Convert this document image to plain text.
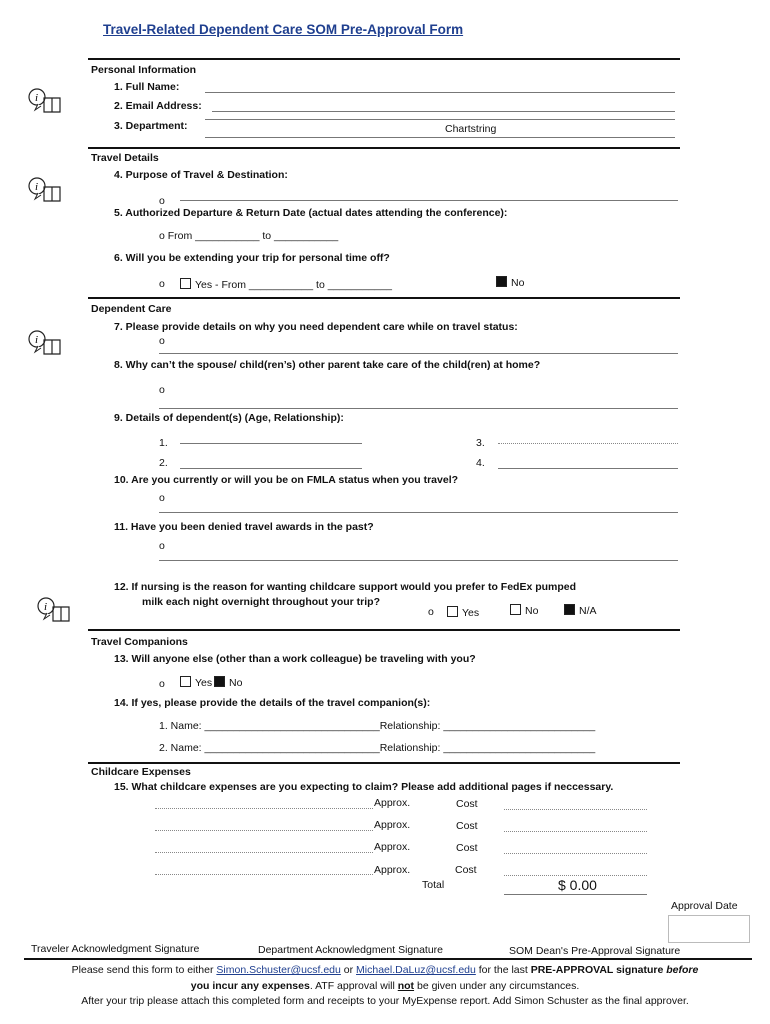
Travel-Related Dependent Care SOM Pre-Approval Form
i
i
i
i
Personal Information
1. Full Name:
2. Email Address:
3. Department:	Chartstring
Travel Details
4. Purpose of Travel & Destination:
o
5. Authorized Departure & Return Date (actual dates attending the conference):
o From ___________ to ___________
6. Will you be extending your trip for personal time off?
o	Yes - From ___________ to ___________	No
Dependent Care
7. Please provide details on why you need dependent care while on travel status:
o
8. Why can’t the spouse/ child(ren’s) other parent take care of the child(ren) at home?
o
9. Details of dependent(s) (Age, Relationship):
1.	3.
2.	4.
10. Are you currently or will you be on FMLA status when you travel?
o
11. Have you been denied travel awards in the past?
o
12. If nursing is the reason for wanting childcare support would you prefer to FedEx pumped
milk each night overnight throughout your trip?
o	Yes	No	N/A
Travel Companions
13. Will anyone else (other than a work colleague) be traveling with you?
o	Yes	No
14. If yes, please provide the details of the travel companion(s):
1. Name: ______________________________Relationship: __________________________
2. Name: ______________________________Relationship: __________________________
Childcare Expenses
15. What childcare expenses are you expecting to claim? Please add additional pages if neccessary.
Approx.	Cost
Approx.	Cost
Approx.	Cost
Approx.	Cost
Total	$ 0.00
Approval Date
Traveler Acknowledgment Signature	Department Acknowledgment Signature	SOM Dean's Pre-Approval Signature
Please send this form to either Simon.Schuster@ucsf.edu or Michael.DaLuz@ucsf.edu for the last PRE-APPROVAL signature before
you incur any expenses. ATF approval will not be given under any circumstances.
After your trip please attach this completed form and receipts to your MyExpense report. Add Simon Schuster as the final approver.
